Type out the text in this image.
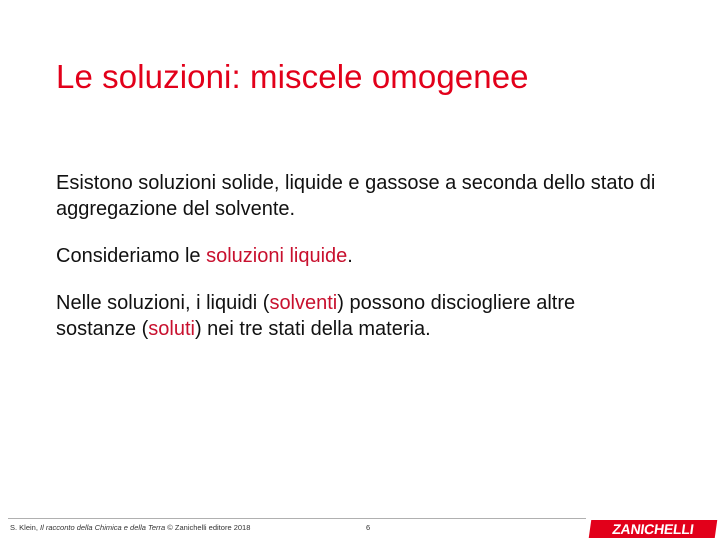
Le soluzioni: miscele omogenee

Esistono soluzioni solide, liquide e gassose a seconda dello stato di aggregazione del solvente.

Consideriamo le soluzioni liquide.

Nelle soluzioni, i liquidi (solventi) possono disciogliere altre sostanze (soluti) nei tre stati della materia.

S. Klein, Il racconto della Chimica e della Terra © Zanichelli editore 2018	6	ZANICHELLI
